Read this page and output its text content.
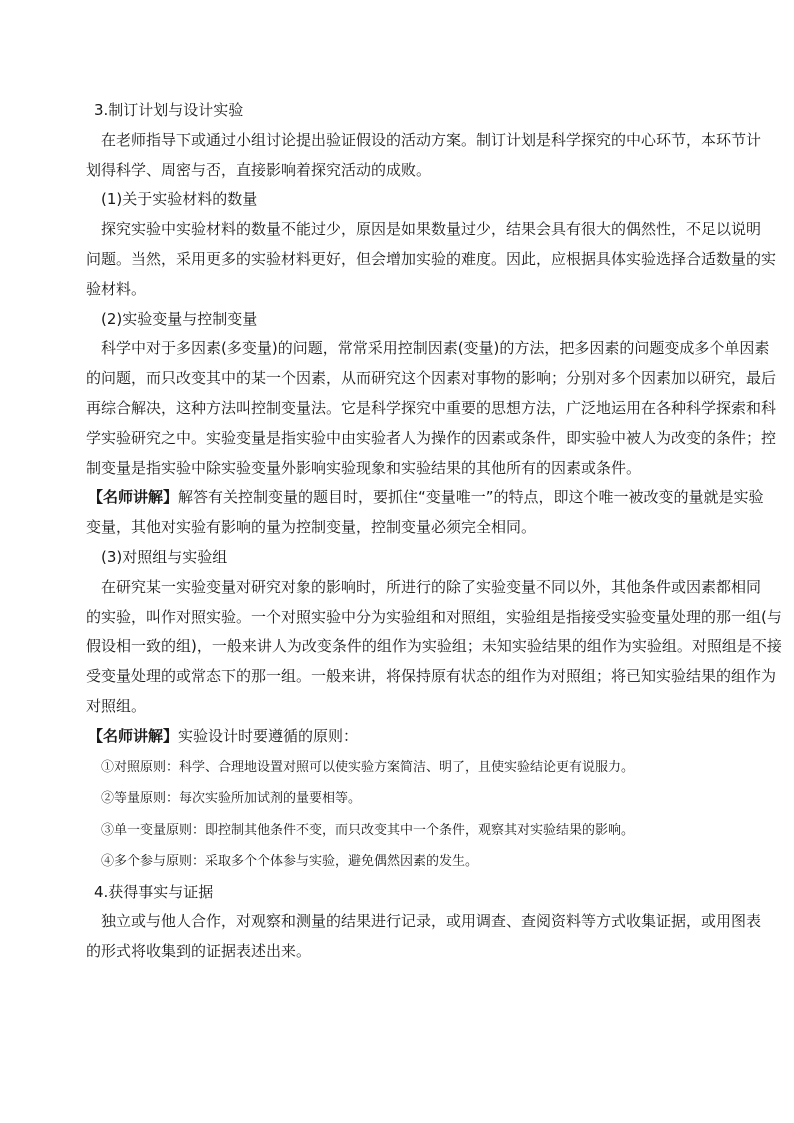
3.制订计划与设计实验

在老师指导下或通过小组讨论提出验证假设的活动方案。制订计划是科学探究的中心环节，本环节计

划得科学、周密与否，直接影响着探究活动的成败。

(1)关于实验材料的数量

探究实验中实验材料的数量不能过少，原因是如果数量过少，结果会具有很大的偶然性，不足以说明

问题。当然，采用更多的实验材料更好，但会增加实验的难度。因此，应根据具体实验选择合适数量的实

验材料。

(2)实验变量与控制变量

科学中对于多因素(多变量)的问题，常常采用控制因素(变量)的方法，把多因素的问题变成多个单因素

的问题，而只改变其中的某一个因素，从而研究这个因素对事物的影响；分别对多个因素加以研究，最后

再综合解决，这种方法叫控制变量法。它是科学探究中重要的思想方法，广泛地运用在各种科学探索和科

学实验研究之中。实验变量是指实验中由实验者人为操作的因素或条件，即实验中被人为改变的条件；控

制变量是指实验中除实验变量外影响实验现象和实验结果的其他所有的因素或条件。

【名师讲解】解答有关控制变量的题目时，要抓住“变量唯一”的特点，即这个唯一被改变的量就是实验

变量，其他对实验有影响的量为控制变量，控制变量必须完全相同。

(3)对照组与实验组

在研究某一实验变量对研究对象的影响时，所进行的除了实验变量不同以外，其他条件或因素都相同

的实验，叫作对照实验。一个对照实验中分为实验组和对照组，实验组是指接受实验变量处理的那一组(与

假设相一致的组)，一般来讲人为改变条件的组作为实验组；未知实验结果的组作为实验组。对照组是不接

受变量处理的或常态下的那一组。一般来讲，将保持原有状态的组作为对照组；将已知实验结果的组作为

对照组。

【名师讲解】实验设计时要遵循的原则：

①对照原则：科学、合理地设置对照可以使实验方案简洁、明了，且使实验结论更有说服力。

②等量原则：每次实验所加试剂的量要相等。

③单一变量原则：即控制其他条件不变，而只改变其中一个条件，观察其对实验结果的影响。

④多个参与原则：采取多个个体参与实验，避免偶然因素的发生。

4.获得事实与证据

独立或与他人合作，对观察和测量的结果进行记录，或用调查、查阅资料等方式收集证据，或用图表

的形式将收集到的证据表述出来。
